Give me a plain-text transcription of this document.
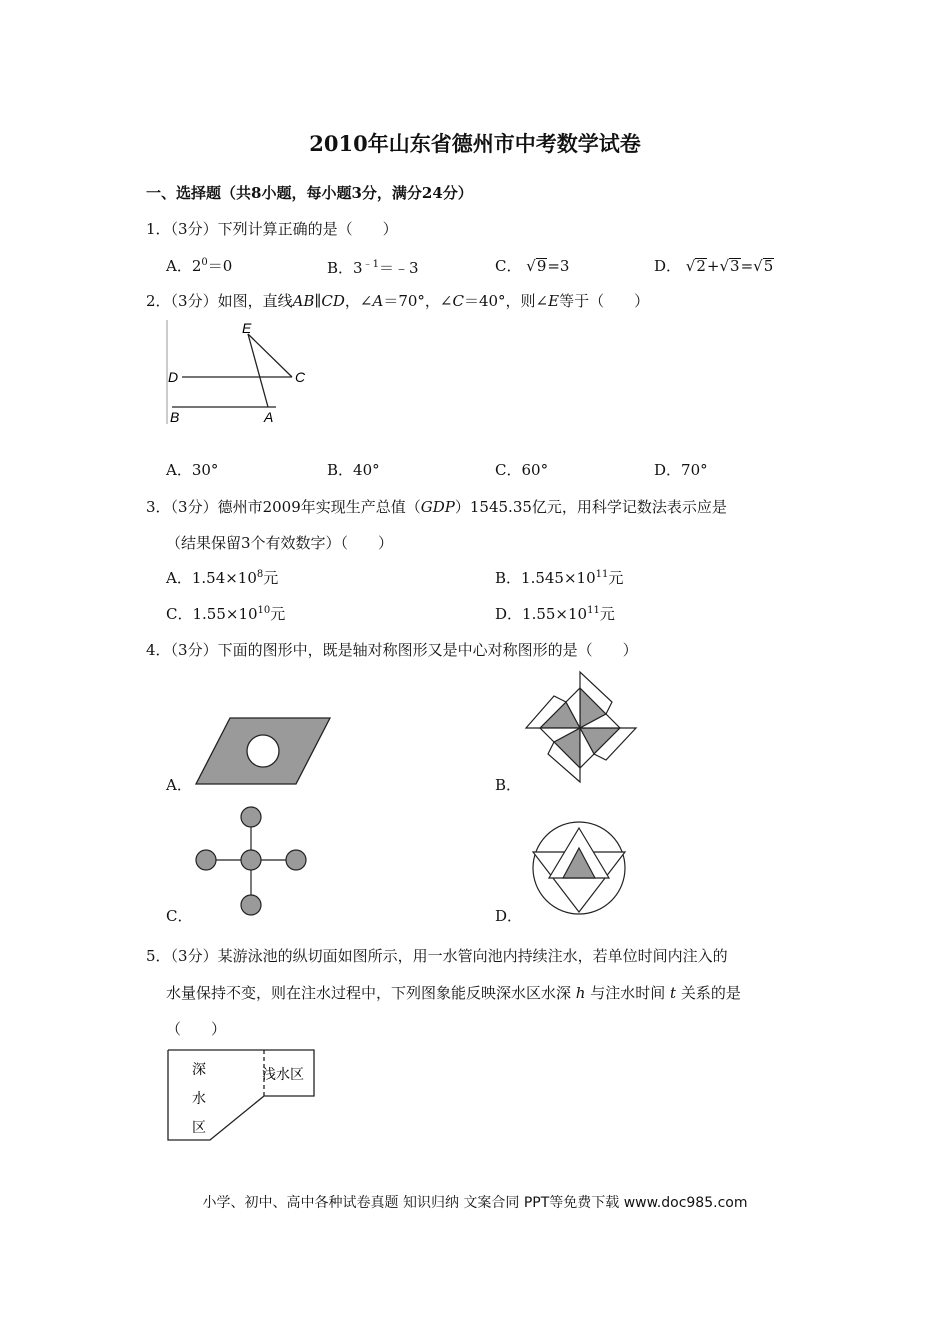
2010年山东省德州市中考数学试卷
一、选择题（共8小题，每小题3分，满分24分）
1．（3分）下列计算正确的是（　　）
A．$2^0=0$	B．$3^{﹣1}=﹣3$	C． √9=3	D． √2+√3=√5
2．（3分）如图，直线AB∥CD，∠A＝70°，∠C＝40°，则∠E等于（　　）
E
D	C
B	A
A．30°	B．40°	C．60°	D．70°
3．（3分）德州市2009年实现生产总值（GDP）1545.35亿元，用科学记数法表示应是
（结果保留3个有效数字）（　　）
A．$1.54\times 10^8$元	B．$1.545\times 10^{11}$元
C．$1.55\times 10^{10}$元	D．$1.55\times 10^{11}$元
4．（3分）下面的图形中，既是轴对称图形又是中心对称图形的是（　　）
A．	B．
C．	D．
5．（3分）某游泳池的纵切面如图所示，用一水管向池内持续注水，若单位时间内注入的
水量保持不变，则在注水过程中，下列图象能反映深水区水深 h 与注水时间 t 关系的是
（　　）
深
水
区
浅水区
小学、初中、高中各种试卷真题 知识归纳 文案合同 PPT等免费下载 www.doc985.com
